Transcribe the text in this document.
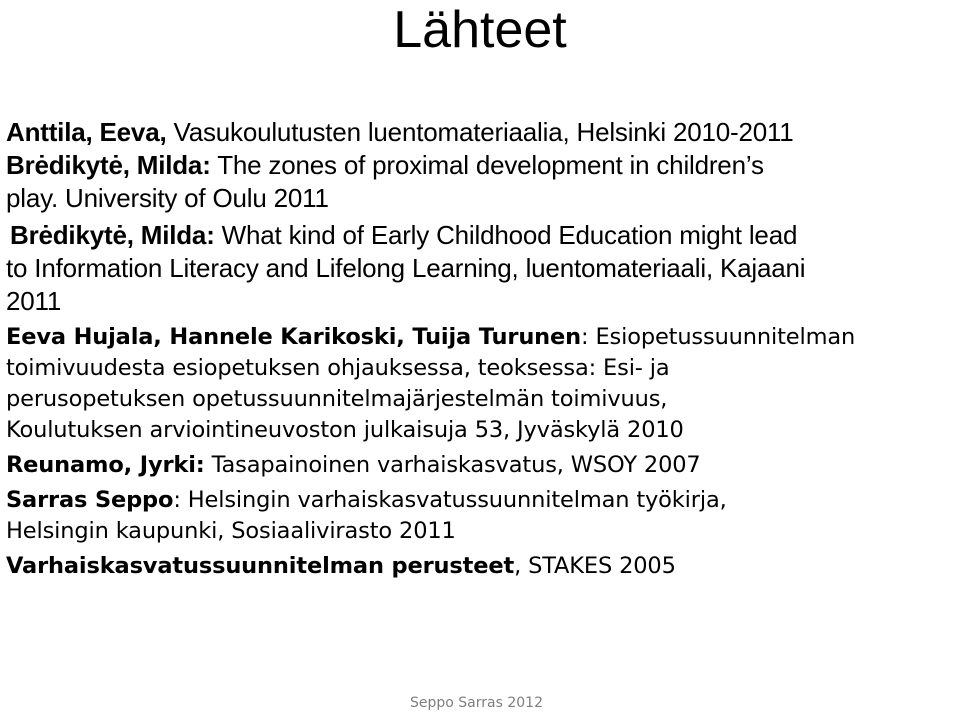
Lähteet
Anttila, Eeva, Vasukoulutusten luentomateriaalia, Helsinki 2010-2011
Brėdikytė, Milda: The zones of proximal development in children’s
play. University of Oulu 2011
Brėdikytė, Milda: What kind of Early Childhood Education might lead
to Information Literacy and Lifelong Learning, luentomateriaali, Kajaani
2011
Eeva Hujala, Hannele Karikoski, Tuija Turunen: Esiopetussuunnitelman
toimivuudesta esiopetuksen ohjauksessa, teoksessa: Esi- ja
perusopetuksen opetussuunnitelmajärjestelmän toimivuus,
Koulutuksen arviointineuvoston julkaisuja 53, Jyväskylä 2010
Reunamo, Jyrki: Tasapainoinen varhaiskasvatus, WSOY 2007
Sarras Seppo: Helsingin varhaiskasvatussuunnitelman työkirja,
Helsingin kaupunki, Sosiaalivirasto 2011
Varhaiskasvatussuunnitelman perusteet, STAKES 2005
Seppo Sarras 2012
